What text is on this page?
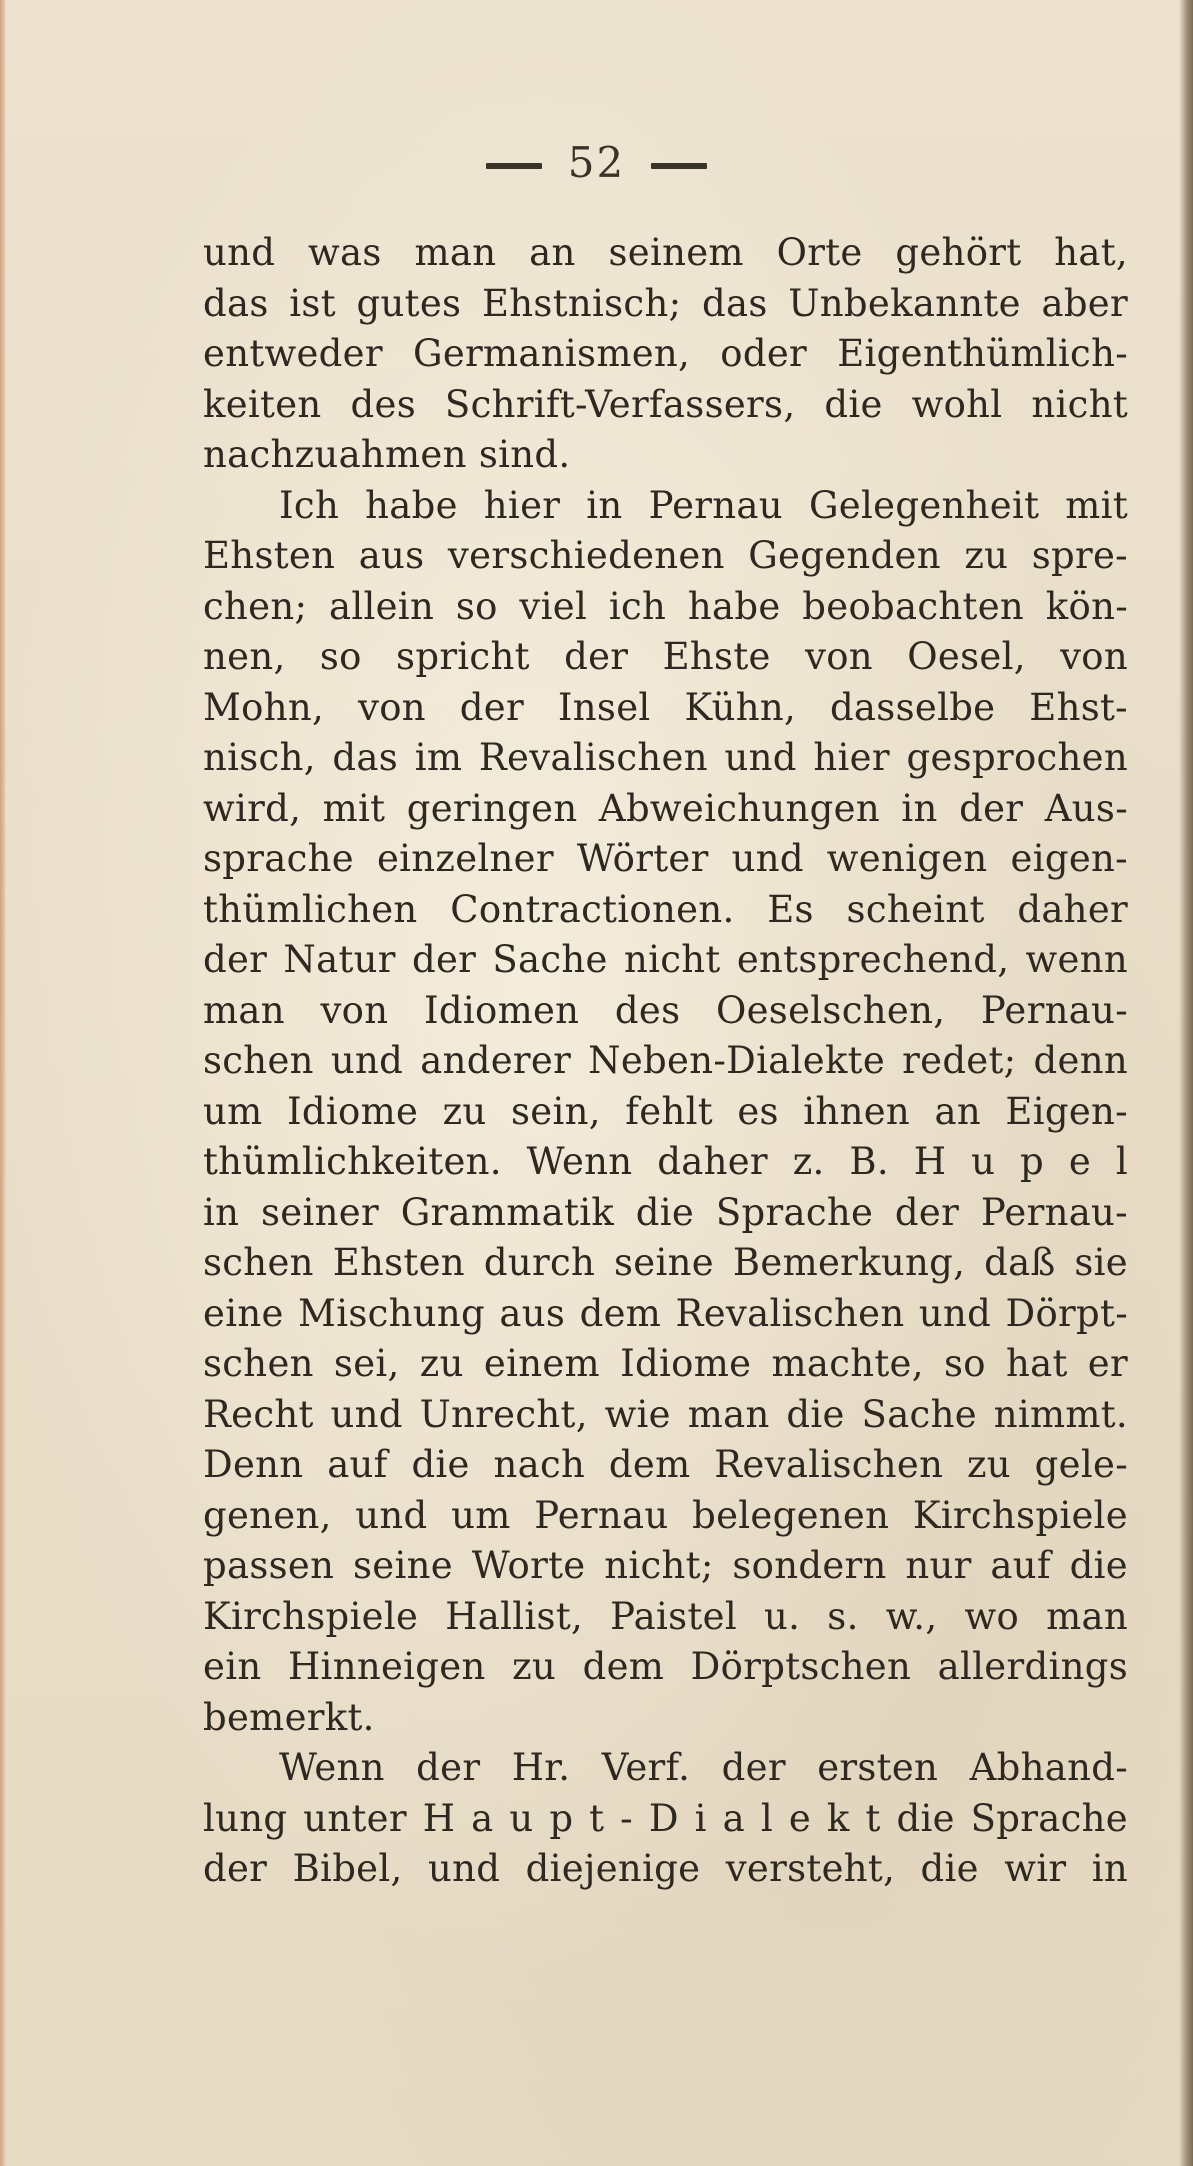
52
und was man an seinem Orte gehört hat,
das ist gutes Ehstnisch; das Unbekannte aber
entweder Germanismen, oder Eigenthümlich-
keiten des Schrift-Verfassers, die wohl nicht
nachzuahmen sind.
Ich habe hier in Pernau Gelegenheit mit
Ehsten aus verschiedenen Gegenden zu spre-
chen; allein so viel ich habe beobachten kön-
nen, so spricht der Ehste von Oesel, von
Mohn, von der Insel Kühn, dasselbe Ehst-
nisch, das im Revalischen und hier gesprochen
wird, mit geringen Abweichungen in der Aus-
sprache einzelner Wörter und wenigen eigen-
thümlichen Contractionen. Es scheint daher
der Natur der Sache nicht entsprechend, wenn
man von Idiomen des Oeselschen, Pernau-
schen und anderer Neben-Dialekte redet; denn
um Idiome zu sein, fehlt es ihnen an Eigen-
thümlichkeiten. Wenn daher z. B. H u p e l
in seiner Grammatik die Sprache der Pernau-
schen Ehsten durch seine Bemerkung, daß sie
eine Mischung aus dem Revalischen und Dörpt-
schen sei, zu einem Idiome machte, so hat er
Recht und Unrecht, wie man die Sache nimmt.
Denn auf die nach dem Revalischen zu gele-
genen, und um Pernau belegenen Kirchspiele
passen seine Worte nicht; sondern nur auf die
Kirchspiele Hallist, Paistel u. s. w., wo man
ein Hinneigen zu dem Dörptschen allerdings
bemerkt.
Wenn der Hr. Verf. der ersten Abhand-
lung unter H a u p t - D i a l e k t die Sprache
der Bibel, und diejenige versteht, die wir in
